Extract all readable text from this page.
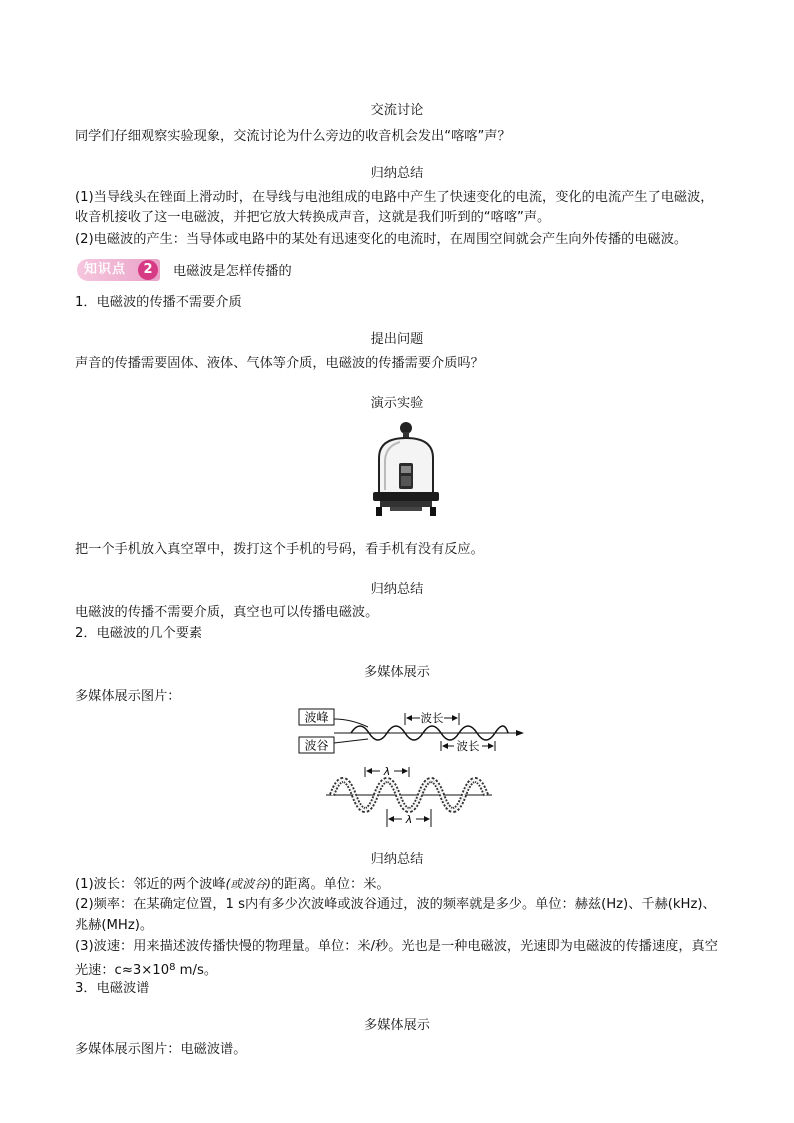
交流讨论
同学们仔细观察实验现象，交流讨论为什么旁边的收音机会发出“喀喀”声？
归纳总结
(1)当导线头在锉面上滑动时，在导线与电池组成的电路中产生了快速变化的电流，变化的电流产生了电磁波，
收音机接收了这一电磁波，并把它放大转换成声音，这就是我们听到的“喀喀”声。
(2)电磁波的产生：当导体或电路中的某处有迅速变化的电流时，在周围空间就会产生向外传播的电磁波。
知识点	2	电磁波是怎样传播的
1．电磁波的传播不需要介质
提出问题
声音的传播需要固体、液体、气体等介质，电磁波的传播需要介质吗？
演示实验
把一个手机放入真空罩中，拨打这个手机的号码，看手机有没有反应。
归纳总结
电磁波的传播不需要介质，真空也可以传播电磁波。
2．电磁波的几个要素
多媒体展示
多媒体展示图片：
波峰
波谷
波长
波长
λ
λ
归纳总结
(1)波长：邻近的两个波峰(或波谷)的距离。单位：米。
(2)频率：在某确定位置，1 s内有多少次波峰或波谷通过，波的频率就是多少。单位：赫兹(Hz)、千赫(kHz)、
兆赫(MHz)。
(3)波速：用来描述波传播快慢的物理量。单位：米/秒。光也是一种电磁波，光速即为电磁波的传播速度，真空
光速：$c\approx 3\times 10^8$ m/s。
3．电磁波谱
多媒体展示
多媒体展示图片：电磁波谱。
